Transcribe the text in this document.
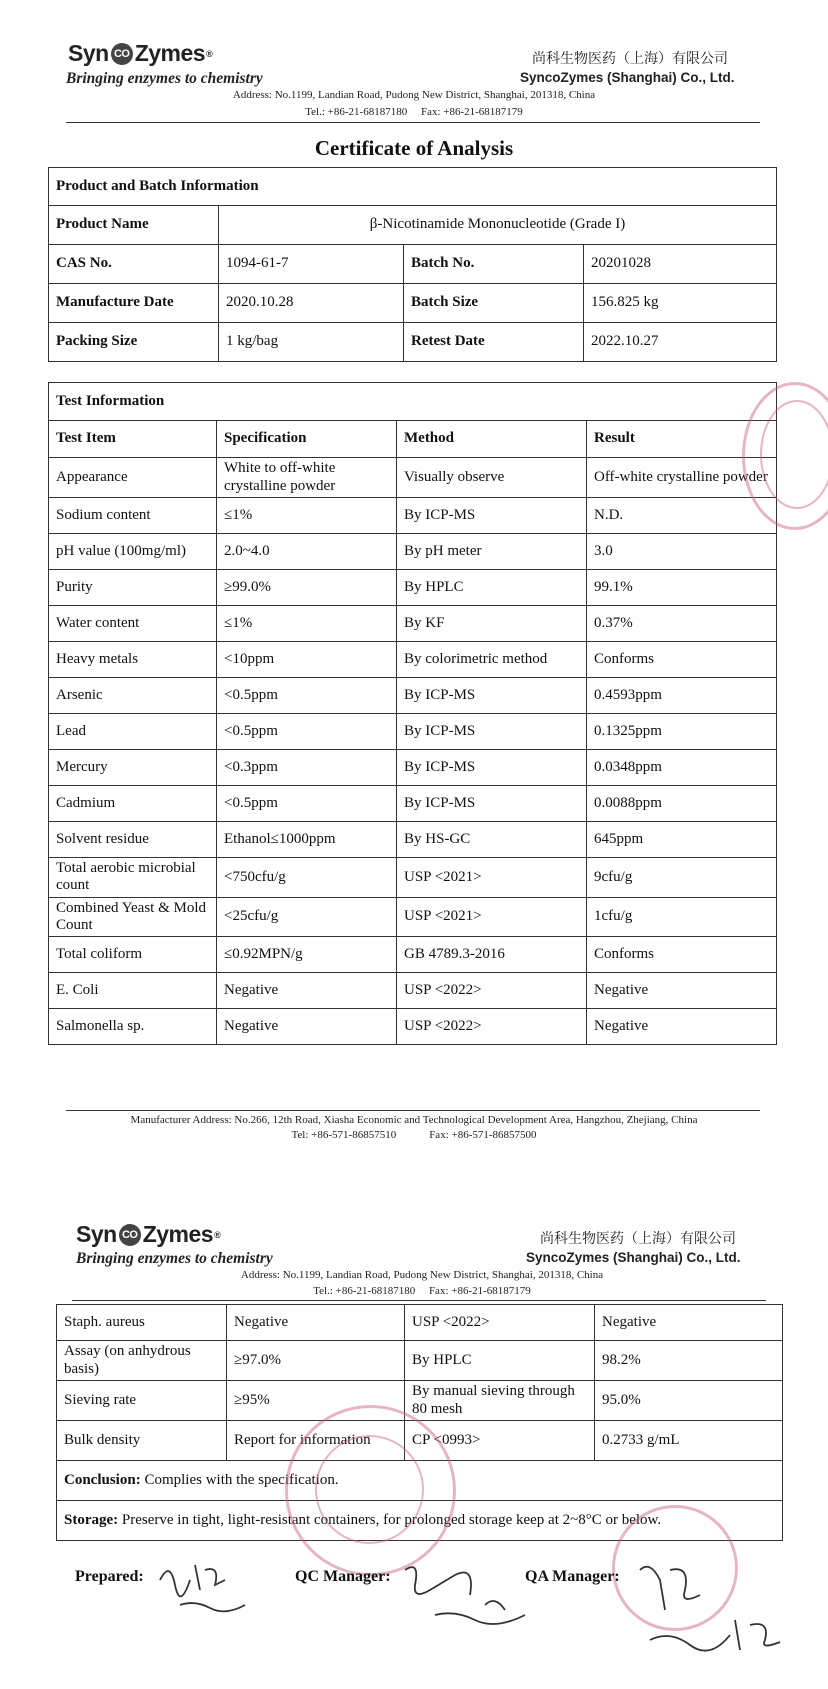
Syn CO Zymes ®
Bringing enzymes to chemistry
尚科生物医药（上海）有限公司
SyncoZymes (Shanghai) Co., Ltd.
Address: No.1199, Landian Road, Pudong New District, Shanghai, 201318, China
Tel.: +86-21-68187180     Fax: +86-21-68187179
Certificate of Analysis
Product and Batch Information			
Product Name	β-Nicotinamide Mononucleotide (Grade I)		
CAS No.	1094-61-7	Batch No.	20201028
Manufacture Date	2020.10.28	Batch Size	156.825 kg
Packing Size	1 kg/bag	Retest Date	2022.10.27
Test Information			
Test Item	Specification	Method	Result
Appearance	White to off-white crystalline powder	Visually observe	Off-white crystalline powder
Sodium content	≤1%	By ICP-MS	N.D.
pH value (100mg/ml)	2.0~4.0	By pH meter	3.0
Purity	≥99.0%	By HPLC	99.1%
Water content	≤1%	By KF	0.37%
Heavy metals	<10ppm	By colorimetric method	Conforms
Arsenic	<0.5ppm	By ICP-MS	0.4593ppm
Lead	<0.5ppm	By ICP-MS	0.1325ppm
Mercury	<0.3ppm	By ICP-MS	0.0348ppm
Cadmium	<0.5ppm	By ICP-MS	0.0088ppm
Solvent residue	Ethanol≤1000ppm	By HS-GC	645ppm
Total aerobic microbial count	<750cfu/g	USP <2021>	9cfu/g
Combined Yeast & Mold Count	<25cfu/g	USP <2021>	1cfu/g
Total coliform	≤0.92MPN/g	GB 4789.3-2016	Conforms
E. Coli	Negative	USP <2022>	Negative
Salmonella sp.	Negative	USP <2022>	Negative
Manufacturer Address: No.266, 12th Road, Xiasha Economic and Technological Development Area, Hangzhou, Zhejiang, China
Tel: +86-571-86857510            Fax: +86-571-86857500
Syn CO Zymes ®
Bringing enzymes to chemistry
尚科生物医药（上海）有限公司
SyncoZymes (Shanghai) Co., Ltd.
Address: No.1199, Landian Road, Pudong New District, Shanghai, 201318, China
Tel.: +86-21-68187180     Fax: +86-21-68187179
Staph. aureus	Negative	USP <2022>	Negative
Assay (on anhydrous basis)	≥97.0%	By HPLC	98.2%
Sieving rate	≥95%	By manual sieving through 80 mesh	95.0%
Bulk density	Report for information	CP <0993>	0.2733 g/mL
Conclusion: Complies with the specification.			
Storage: Preserve in tight, light-resistant containers, for prolonged storage keep at 2~8°C or below.			
Prepared:	QC Manager:	QA Manager:
